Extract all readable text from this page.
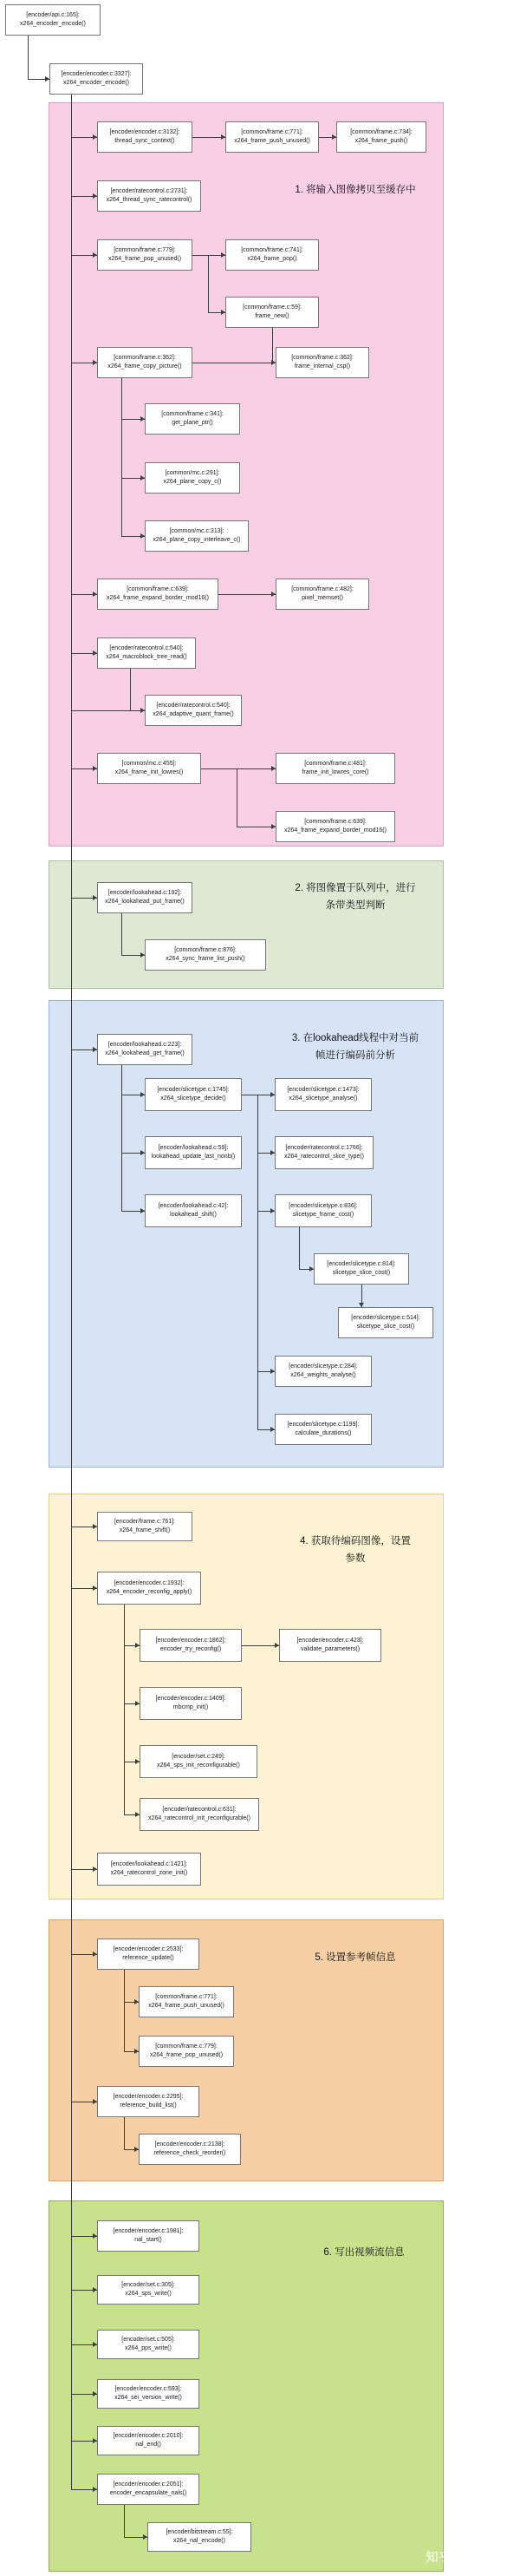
[encoder/api.c:165]:
x264_encoder_encode()
[encoder/encoder.c:3327]:
x264_encoder_encode()
[encoder/encoder.c:3132]:
thread_sync_context()
[common/frame.c:771]:
x264_frame_push_unused()
[common/frame.c:734]:
x264_frame_push()
[encoder/ratecontrol.c:2731]:
x264_thread_sync_ratecontrol()
[common/frame.c:779]:
x264_frame_pop_unused()
[common/frame.c:741]:
x264_frame_pop()
[common/frame.c:59]:
frame_new()
[common/frame.c:362]:
x264_frame_copy_picture()
[common/frame.c:362]:
frame_internal_csp()
[common/frame.c:341]:
get_plane_ptr()
[common/mc.c:291]:
x264_plane_copy_c()
[common/mc.c:313]:
x264_plane_copy_interleave_c()
[common/frame.c:639]:
x264_frame_expand_border_mod16()
[common/frame.c:482]:
pixel_memset()
[encoder/ratecontrol.c:540]:
x264_macroblock_tree_read()
[encoder/ratecontrol.c:540]:
x264_adaptive_quant_frame()
[common/mc.c:455]:
x264_frame_init_lowres()
[common/frame.c:481]:
frame_init_lowres_core()
[common/frame.c:639]:
x264_frame_expand_border_mod16()
[encoder/lookahead.c:192]:
x264_lookahead_put_frame()
[common/frame.c:876]:
x264_sync_frame_list_push()
[encoder/lookahead.c:223]:
x264_lookahead_get_frame()
[encoder/slicetype.c:1745]:
x264_slicetype_decide()
[encoder/slicetype.c:1473]:
x264_slicetype_analyse()
[encoder/lookahead.c:59]:
lookahead_update_last_nonb()
[encoder/ratecontrol.c:1766]:
x264_ratecontrol_slice_type()
[encoder/lookahead.c:42]:
lookahead_shift()
[encoder/slicetype.c:836]:
slicetype_frame_cost()
[encoder/slicetype.c:814]:
slicetype_slice_cost()
[encoder/slicetype.c:514]:
slicetype_slice_cost()
[encoder/slicetype.c:284]:
x264_weights_analyse()
[encoder/slicetype.c:1199]:
calculate_durations()
[encoder/frame.c:761]:
x264_frame_shift()
[encoder/encoder.c:1932]:
x264_encoder_reconfig_apply()
[encoder/encoder.c:1862]:
encoder_try_reconfig()
[encoder/encoder.c:423]:
validate_parameters()
[encoder/encoder.c:1409]:
mbcmp_init()
[encoder/set.c:249]:
x264_sps_init_reconfigurable()
[encoder/ratecontrol.c:631]:
x264_ratecontrol_init_reconfigurable()
[encoder/lookahead.c:1421]:
x264_ratecontrol_zone_init()
[encoder/encoder.c:2533]:
reference_update()
[common/frame.c:771]:
x264_frame_push_unused()
[common/frame.c:779]:
x264_frame_pop_unused()
[encoder/encoder.c:2295]:
reference_build_list()
[encoder/encoder.c:2138]:
reference_check_reorder()
[encoder/encoder.c:1981]:
nal_start()
[encoder/set.c:305]:
x264_sps_write()
[encoder/set.c:505]:
x264_pps_write()
[encoder/encoder.c:593]:
x264_sei_version_write()
[encoder/encoder.c:2010]:
nal_end()
[encoder/encoder.c:2051]:
encoder_encapsulate_nals()
[encoder/bitstream.c:55]:
x264_nal_encode()
1. 将输入图像拷贝至缓存中
2. 将图像置于队列中，进行
条带类型判断
3. 在lookahead线程中对当前
帧进行编码前分析
4. 获取待编码图像，设置
参数
5. 设置参考帧信息
6. 写出视频流信息
知乎 @殷汶杰
